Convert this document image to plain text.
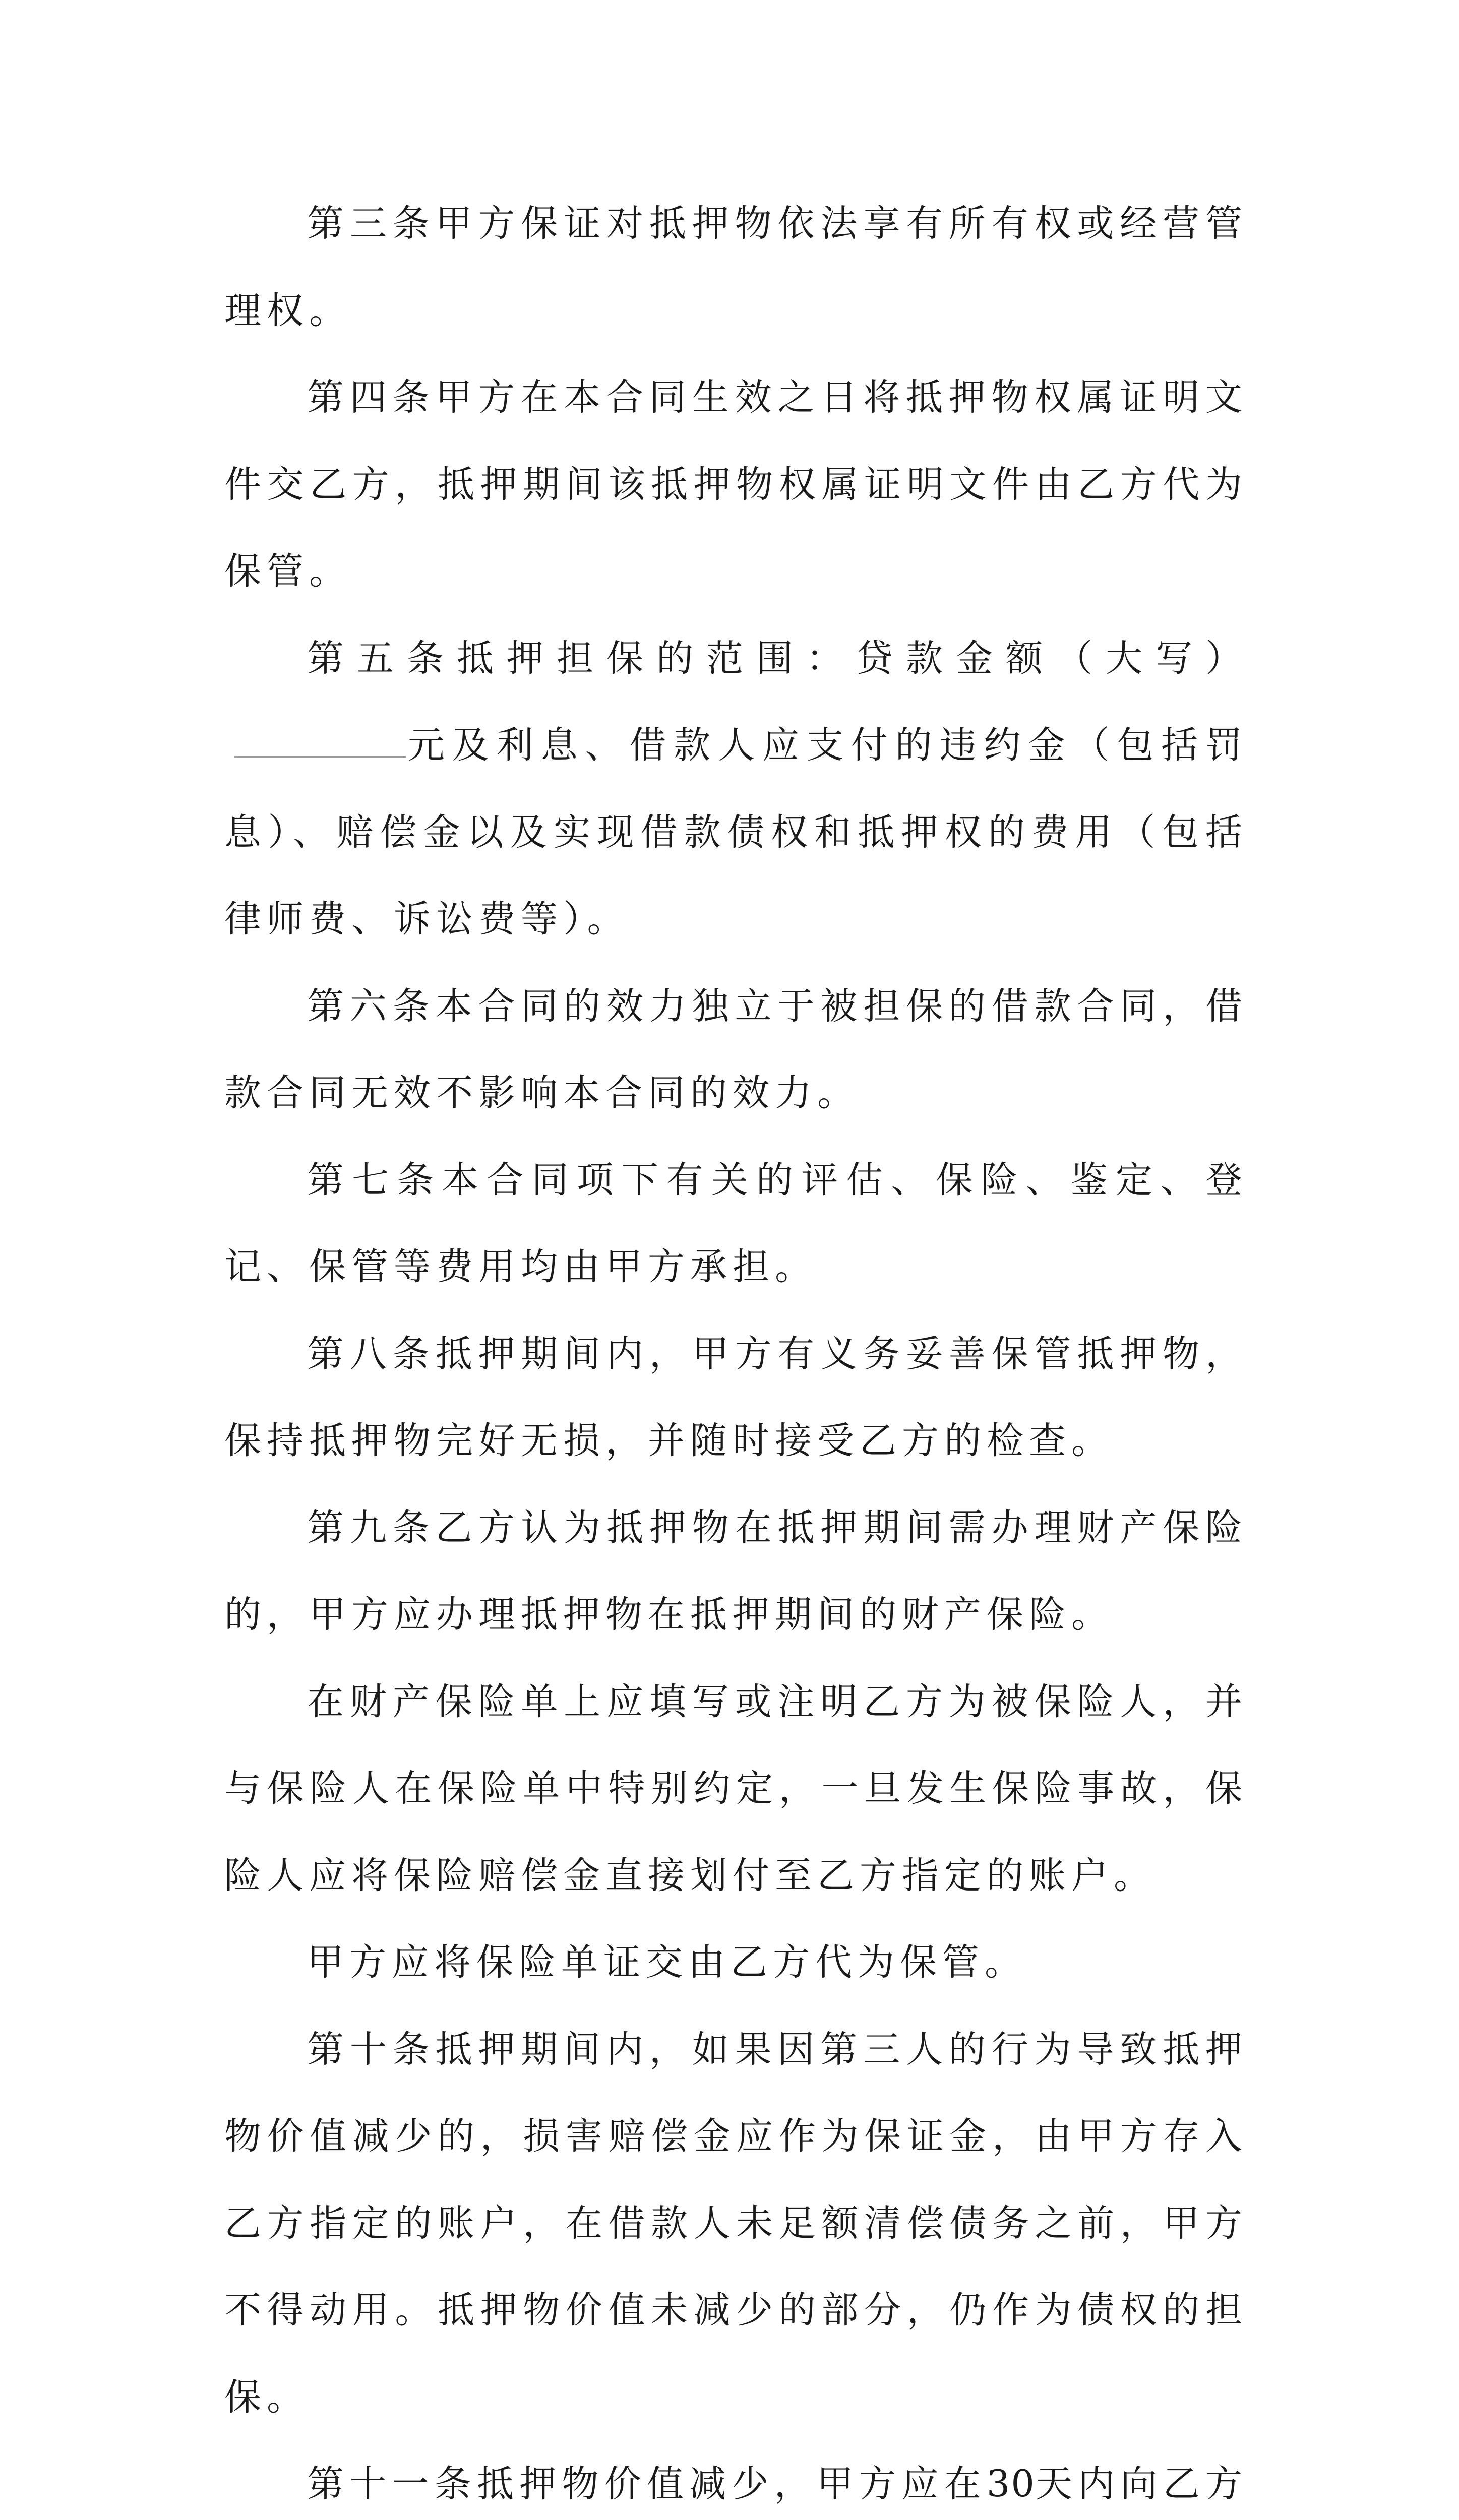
第三条甲方保证对抵押物依法享有所有权或经营管理权。

第四条甲方在本合同生效之日将抵押物权属证明文件交乙方，抵押期间该抵押物权属证明文件由乙方代为保管。

第五条抵押担保的范围：贷款金额（大写）元及利息、借款人应支付的违约金（包括罚息）、赔偿金以及实现借款债权和抵押权的费用（包括律师费、诉讼费等）。

第六条本合同的效力独立于被担保的借款合同，借款合同无效不影响本合同的效力。

第七条本合同项下有关的评估、保险、鉴定、登记、保管等费用均由甲方承担。

第八条抵押期间内，甲方有义务妥善保管抵押物，保持抵押物完好无损，并随时接受乙方的检查。

第九条乙方认为抵押物在抵押期间需办理财产保险的，甲方应办理抵押物在抵押期间的财产保险。

在财产保险单上应填写或注明乙方为被保险人，并与保险人在保险单中特别约定，一旦发生保险事故，保险人应将保险赔偿金直接划付至乙方指定的账户。

甲方应将保险单证交由乙方代为保管。

第十条抵押期间内，如果因第三人的行为导致抵押物价值减少的，损害赔偿金应作为保证金，由甲方存入乙方指定的账户，在借款人未足额清偿债务之前，甲方不得动用。抵押物价值未减少的部分，仍作为债权的担保。

第十一条抵押物价值减少，甲方应在30天内向乙方
